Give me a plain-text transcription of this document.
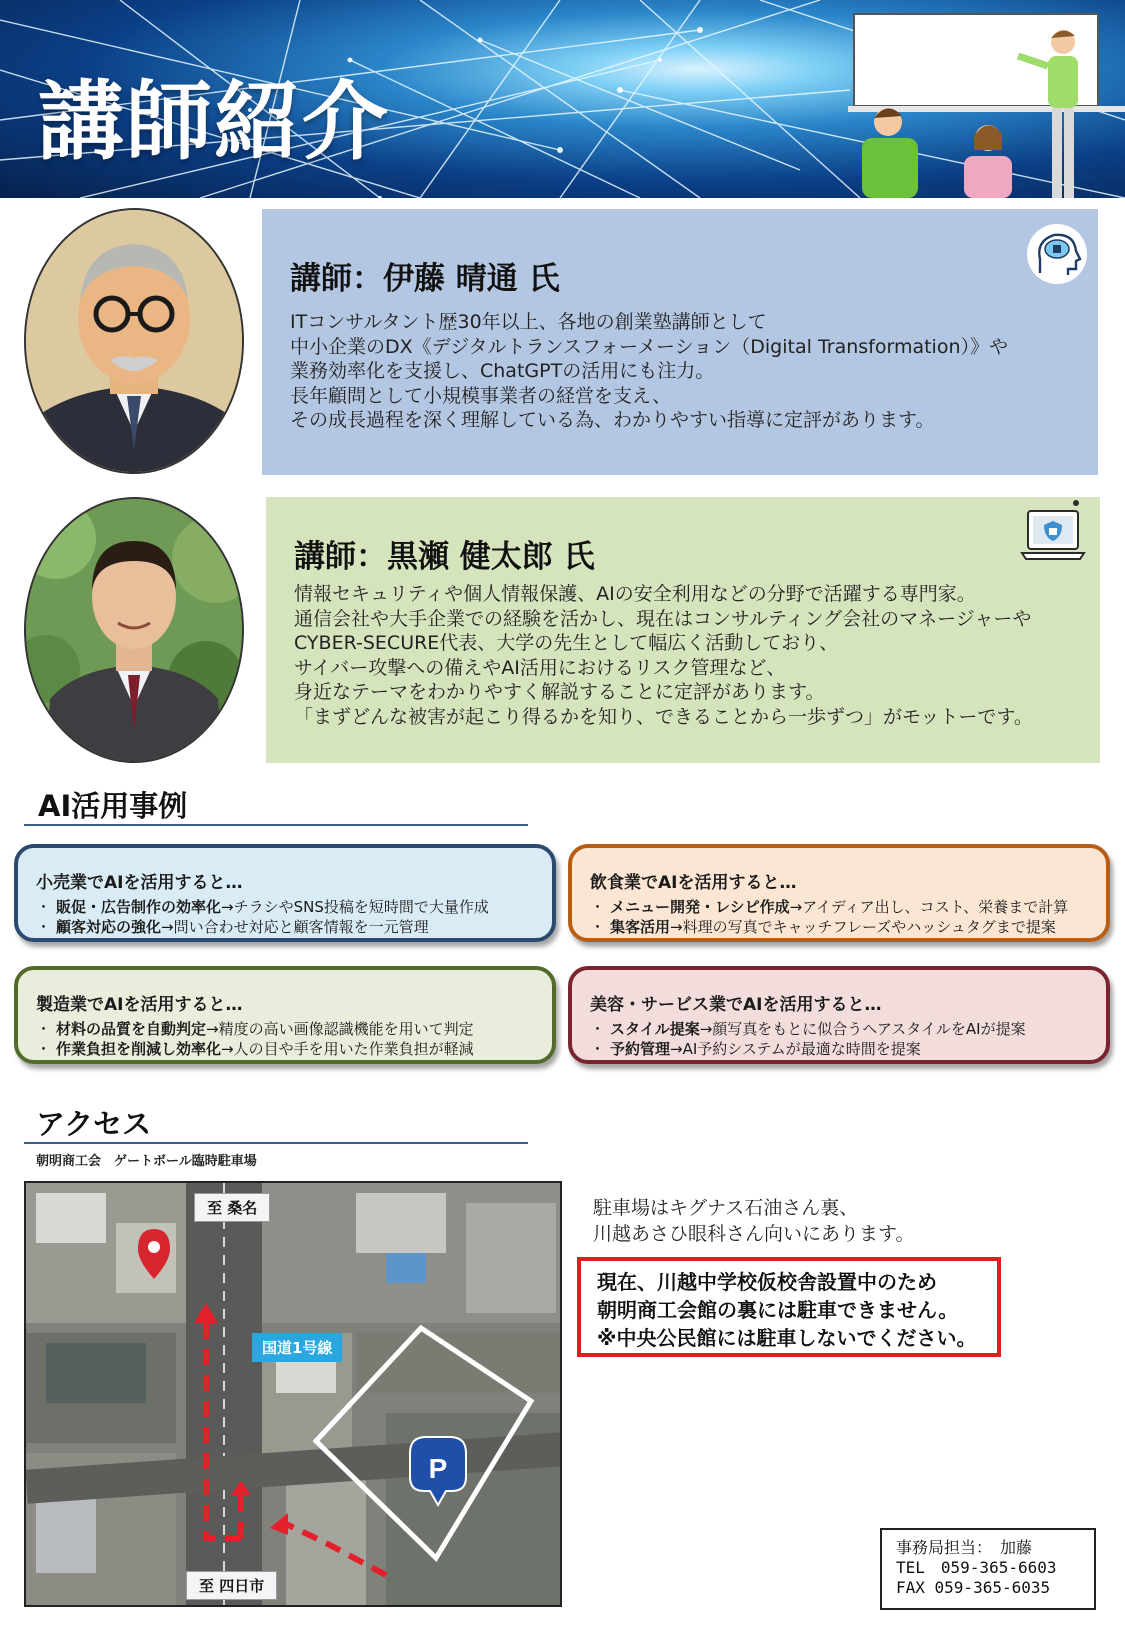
講師紹介
講師：伊藤 晴通 氏
ITコンサルタント歴30年以上、各地の創業塾講師として
中小企業のDX《デジタルトランスフォーメーション（Digital Transformation）》や
業務効率化を支援し、ChatGPTの活用にも注力。
長年顧問として小規模事業者の経営を支え、
その成長過程を深く理解している為、わかりやすい指導に定評があります。
講師：黒瀬 健太郎 氏
情報セキュリティや個人情報保護、AIの安全利用などの分野で活躍する専門家。
通信会社や大手企業での経験を活かし、現在はコンサルティング会社のマネージャーや
CYBER-SECURE代表、大学の先生として幅広く活動しており、
サイバー攻撃への備えやAI活用におけるリスク管理など、
身近なテーマをわかりやすく解説することに定評があります。
「まずどんな被害が起こり得るかを知り、できることから一歩ずつ」がモットーです。
AI活用事例
小売業でAIを活用すると…
・ 販促・広告制作の効率化→チラシやSNS投稿を短時間で大量作成
・ 顧客対応の強化→問い合わせ対応と顧客情報を一元管理
飲食業でAIを活用すると…
・ メニュー開発・レシピ作成→アイディア出し、コスト、栄養まで計算
・ 集客活用→料理の写真でキャッチフレーズやハッシュタグまで提案
製造業でAIを活用すると…
・ 材料の品質を自動判定→精度の高い画像認識機能を用いて判定
・ 作業負担を削減し効率化→人の目や手を用いた作業負担が軽減
美容・サービス業でAIを活用すると…
・ スタイル提案→顔写真をもとに似合うヘアスタイルをAIが提案
・ 予約管理→AI予約システムが最適な時間を提案
アクセス
朝明商工会　ゲートボール臨時駐車場
P
至 桑名
国道1号線
至 四日市
駐車場はキグナス石油さん裏、
川越あさひ眼科さん向いにあります。
現在、川越中学校仮校舎設置中のため
朝明商工会館の裏には駐車できません。
※中央公民館には駐車しないでください。
事務局担当：　加藤
TEL　059-365-6603
FAX 059-365-6035
